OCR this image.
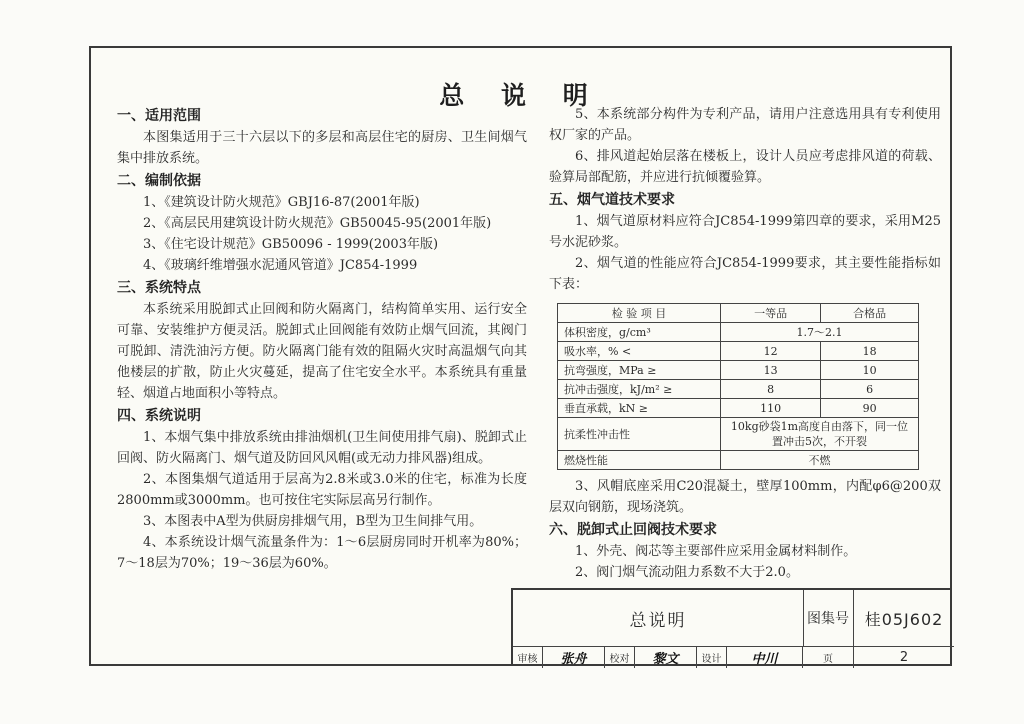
总 说 明
一、适用范围

本图集适用于三十六层以下的多层和高层住宅的厨房、卫生间烟气集中排放系统。

二、编制依据

1、《建筑设计防火规范》GBJ16-87(2001年版)

2、《高层民用建筑设计防火规范》GB50045-95(2001年版)

3、《住宅设计规范》GB50096 - 1999(2003年版)

4、《玻璃纤维增强水泥通风管道》JC854-1999

三、系统特点

本系统采用脱卸式止回阀和防火隔离门，结构简单实用、运行安全可靠、安装维护方便灵活。脱卸式止回阀能有效防止烟气回流，其阀门可脱卸、清洗油污方便。防火隔离门能有效的阻隔火灾时高温烟气向其他楼层的扩散，防止火灾蔓延，提高了住宅安全水平。本系统具有重量轻、烟道占地面积小等特点。

四、系统说明

1、本烟气集中排放系统由排油烟机(卫生间使用排气扇)、脱卸式止回阀、防火隔离门、烟气道及防回风风帽(或无动力排风器)组成。

2、本图集烟气道适用于层高为2.8米或3.0米的住宅，标准为长度2800mm或3000mm。也可按住宅实际层高另行制作。

3、本图表中A型为供厨房排烟气用，B型为卫生间排气用。

4、本系统设计烟气流量条件为：1～6层厨房同时开机率为80%；7～18层为70%；19～36层为60%。

5、本系统部分构件为专利产品，请用户注意选用具有专利使用权厂家的产品。

6、排风道起始层落在楼板上，设计人员应考虑排风道的荷载、验算局部配筋，并应进行抗倾覆验算。

五、烟气道技术要求

1、烟气道原材料应符合JC854-1999第四章的要求，采用M25号水泥砂浆。

2、烟气道的性能应符合JC854-1999要求，其主要性能指标如下表：

检 验 项 目	一等品	合格品
体积密度，g/cm³	1.7～2.1	
吸水率，% <	12	18
抗弯强度，MPa ≥	13	10
抗冲击强度，kJ/m² ≥	8	6
垂直承载，kN ≥	110	90
抗柔性冲击性	10kg砂袋1m高度自由落下，同一位置冲击5次，不开裂	
燃烧性能	不燃	

3、风帽底座采用C20混凝土，壁厚100mm，内配φ6@200双层双向钢筋，现场浇筑。

六、脱卸式止回阀技术要求

1、外壳、阀芯等主要部件应采用金属材料制作。

2、阀门烟气流动阻力系数不大于2.0。

总说明	图集号 桂05J602
审核	张舟	校对	黎文	设计	中川	页	2
